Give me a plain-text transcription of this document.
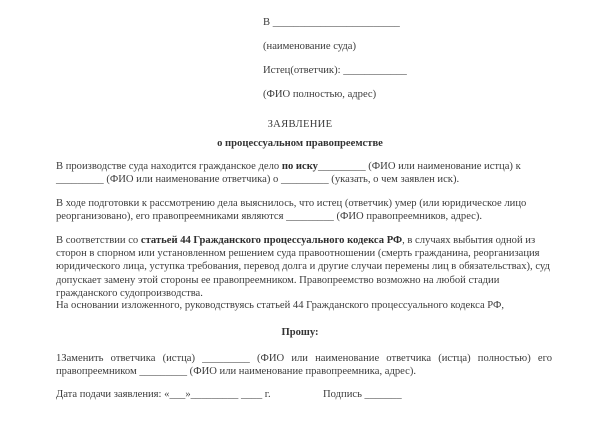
В ________________________
(наименование суда)
Истец(ответчик): ____________
(ФИО полностью, адрес)
ЗАЯВЛЕНИЕ
о процессуальном правопреемстве
В производстве суда находится гражданское дело по иску_________ (ФИО или наименование истца) к _________ (ФИО или наименование ответчика) о _________ (указать, о чем заявлен иск).
В ходе подготовки к рассмотрению дела выяснилось, что истец (ответчик) умер (или юридическое лицо реорганизовано), его правопреемниками являются _________ (ФИО правопреемников, адрес).
В соответствии со статьей 44 Гражданского процессуального кодекса РФ, в случаях выбытия одной из сторон в спорном или установленном решением суда правоотношении (смерть гражданина, реорганизация юридического лица, уступка требования, перевод долга и другие случаи перемены лиц в обязательствах), суд допускает замену этой стороны ее правопреемником. Правопреемство возможно на любой стадии гражданского судопроизводства.
На основании изложенного, руководствуясь статьей 44 Гражданского процессуального кодекса РФ,
Прошу:
1Заменить ответчика (истца) _________ (ФИО или наименование ответчика (истца) полностью) его правопреемником _________ (ФИО или наименование правопреемника, адрес).
Дата подачи заявления: «___»_________ ____ г.	Подпись _______
